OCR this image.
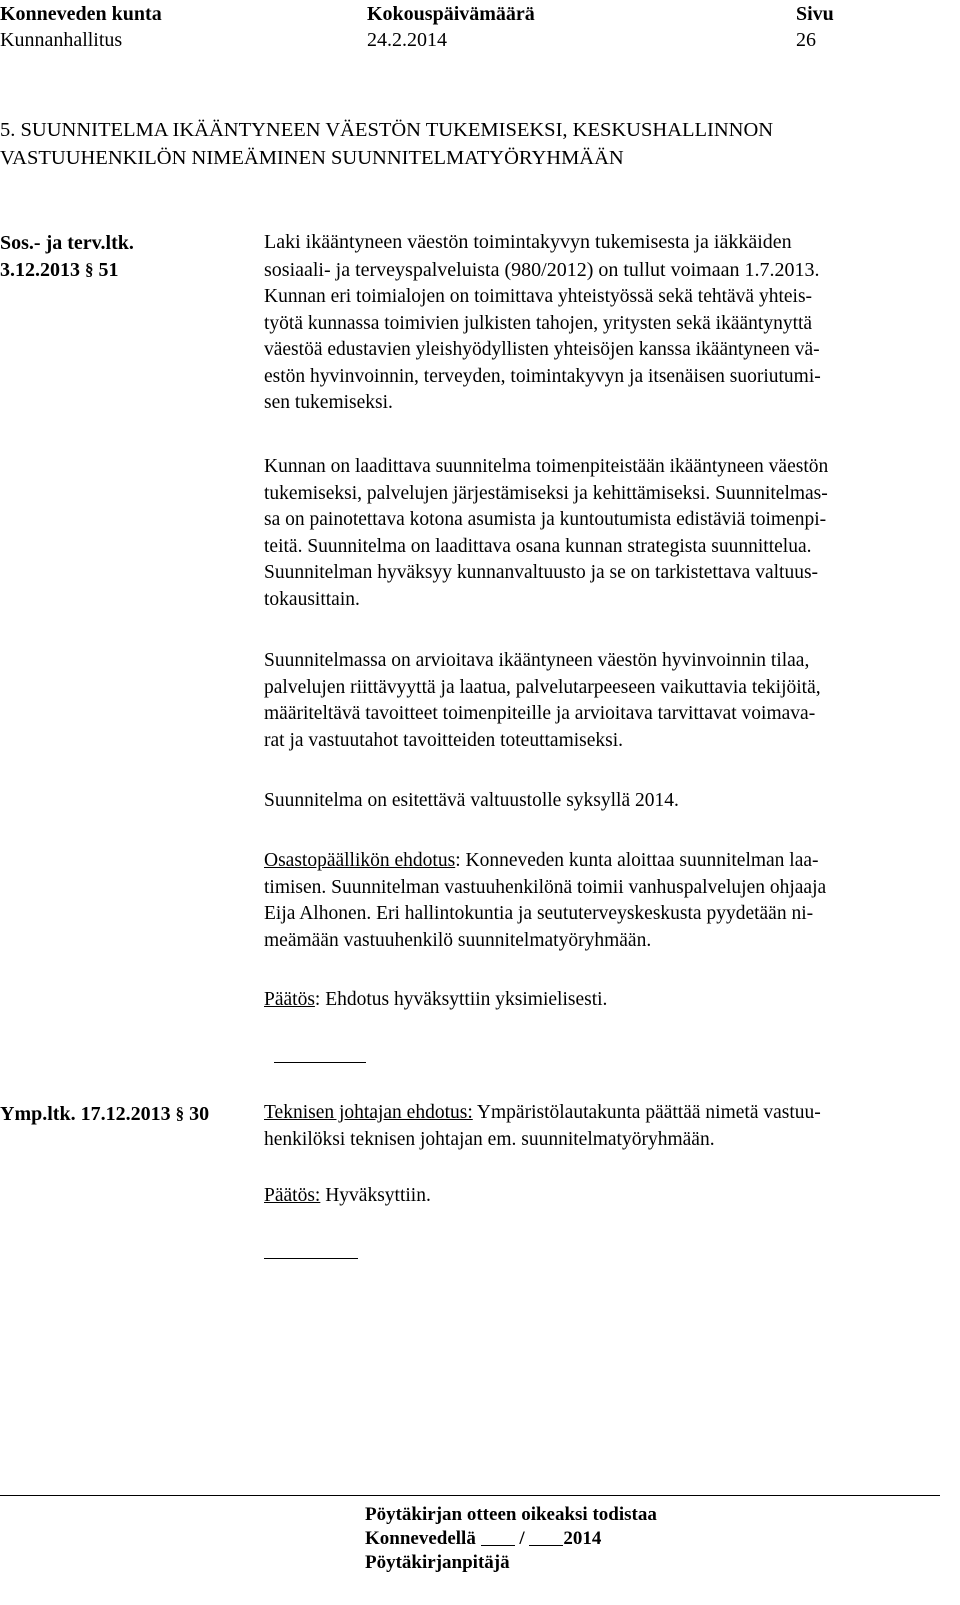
Konneveden kunta
Kunnanhallitus
Kokouspäivämäärä
24.2.2014
Sivu
26
5. SUUNNITELMA IKÄÄNTYNEEN VÄESTÖN TUKEMISEKSI, KESKUSHALLINNON
VASTUUHENKILÖN NIMEÄMINEN SUUNNITELMATYÖRYHMÄÄN
Sos.- ja terv.ltk.
3.12.2013 § 51
Laki ikääntyneen väestön toimintakyvyn tukemisesta ja iäkkäiden
sosiaali- ja terveyspalveluista (980/2012) on tullut voimaan 1.7.2013.
Kunnan eri toimialojen on toimittava yhteistyössä sekä tehtävä yhteis-
työtä kunnassa toimivien julkisten tahojen, yritysten sekä ikääntynyttä
väestöä edustavien yleishyödyllisten yhteisöjen kanssa ikääntyneen vä-
estön hyvinvoinnin, terveyden, toimintakyvyn ja itsenäisen suoriutumi-
sen tukemiseksi.
Kunnan on laadittava suunnitelma toimenpiteistään ikääntyneen väestön
tukemiseksi, palvelujen järjestämiseksi ja kehittämiseksi. Suunnitelmas-
sa on painotettava kotona asumista ja kuntoutumista edistäviä toimenpi-
teitä. Suunnitelma on laadittava osana kunnan strategista suunnittelua.
Suunnitelman hyväksyy kunnanvaltuusto ja se on tarkistettava valtuus-
tokausittain.
Suunnitelmassa on arvioitava ikääntyneen väestön hyvinvoinnin tilaa,
palvelujen riittävyyttä ja laatua, palvelutarpeeseen vaikuttavia tekijöitä,
määriteltävä tavoitteet toimenpiteille ja arvioitava tarvittavat voimava-
rat ja vastuutahot tavoitteiden toteuttamiseksi.
Suunnitelma on esitettävä valtuustolle syksyllä 2014.
Osastopäällikön ehdotus: Konneveden kunta aloittaa suunnitelman laa-
timisen. Suunnitelman vastuuhenkilönä toimii vanhuspalvelujen ohjaaja
Eija Alhonen. Eri hallintokuntia ja seututerveyskeskusta pyydetään ni-
meämään vastuuhenkilö suunnitelmatyöryhmään.
Päätös: Ehdotus hyväksyttiin yksimielisesti.
Ymp.ltk. 17.12.2013 § 30	Teknisen johtajan ehdotus: Ympäristölautakunta päättää nimetä vastuu-
henkilöksi teknisen johtajan em. suunnitelmatyöryhmään.
Päätös: Hyväksyttiin.
Pöytäkirjan otteen oikeaksi todistaa
Konnevedellä / 2014
Pöytäkirjanpitäjä
